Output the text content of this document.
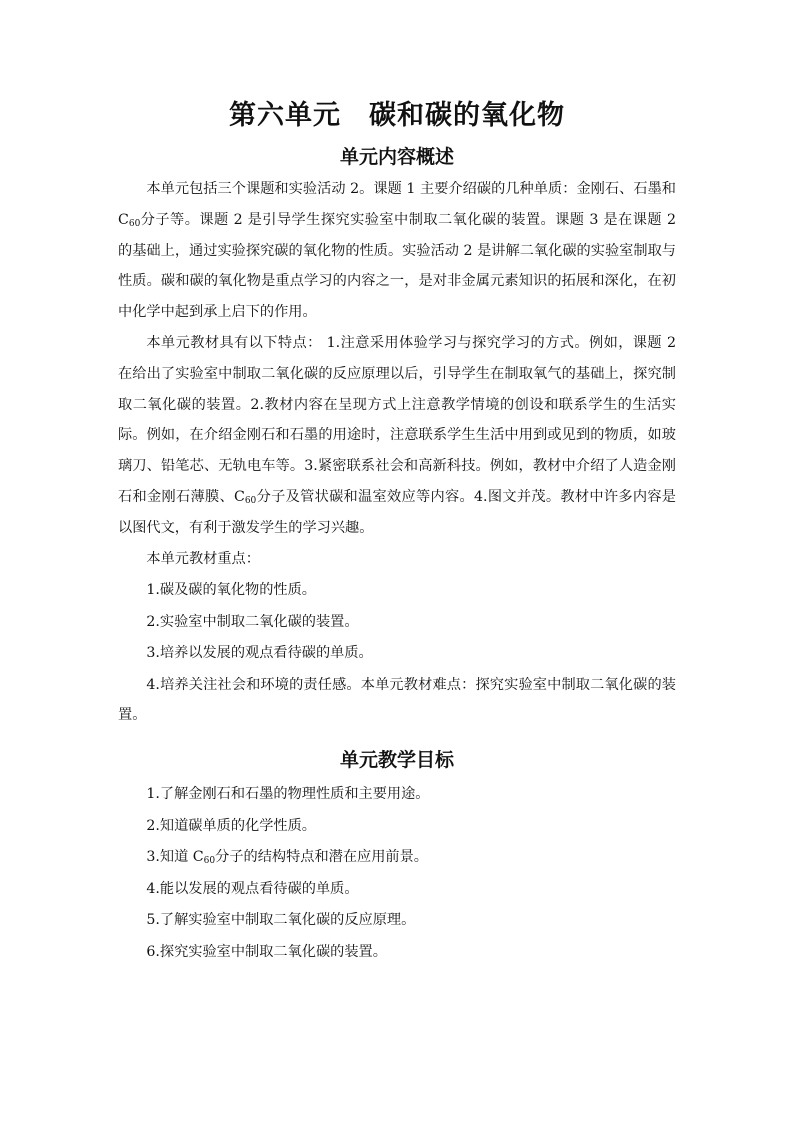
第六单元　碳和碳的氧化物
单元内容概述

本单元包括三个课题和实验活动 2。课题 1 主要介绍碳的几种单质：金刚石、石墨和 $C_{60}$分子等。课题 2 是引导学生探究实验室中制取二氧化碳的装置。课题 3 是在课题 2 的基础上，通过实验探究碳的氧化物的性质。实验活动 2 是讲解二氧化碳的实验室制取与性质。碳和碳的氧化物是重点学习的内容之一，是对非金属元素知识的拓展和深化，在初中化学中起到承上启下的作用。

本单元教材具有以下特点： 1.注意采用体验学习与探究学习的方式。例如，课题 2 在给出了实验室中制取二氧化碳的反应原理以后，引导学生在制取氧气的基础上，探究制取二氧化碳的装置。2.教材内容在呈现方式上注意教学情境的创设和联系学生的生活实际。例如，在介绍金刚石和石墨的用途时，注意联系学生生活中用到或见到的物质，如玻璃刀、铅笔芯、无轨电车等。3.紧密联系社会和高新科技。例如，教材中介绍了人造金刚石和金刚石薄膜、$C_{60}$分子及管状碳和温室效应等内容。4.图文并茂。教材中许多内容是以图代文，有利于激发学生的学习兴趣。

本单元教材重点：

1.碳及碳的氧化物的性质。

2.实验室中制取二氧化碳的装置。

3.培养以发展的观点看待碳的单质。

4.培养关注社会和环境的责任感。本单元教材难点：探究实验室中制取二氧化碳的装置。

单元教学目标

1.了解金刚石和石墨的物理性质和主要用途。

2.知道碳单质的化学性质。

3.知道 $C_{60}$分子的结构特点和潜在应用前景。

4.能以发展的观点看待碳的单质。

5.了解实验室中制取二氧化碳的反应原理。

6.探究实验室中制取二氧化碳的装置。
